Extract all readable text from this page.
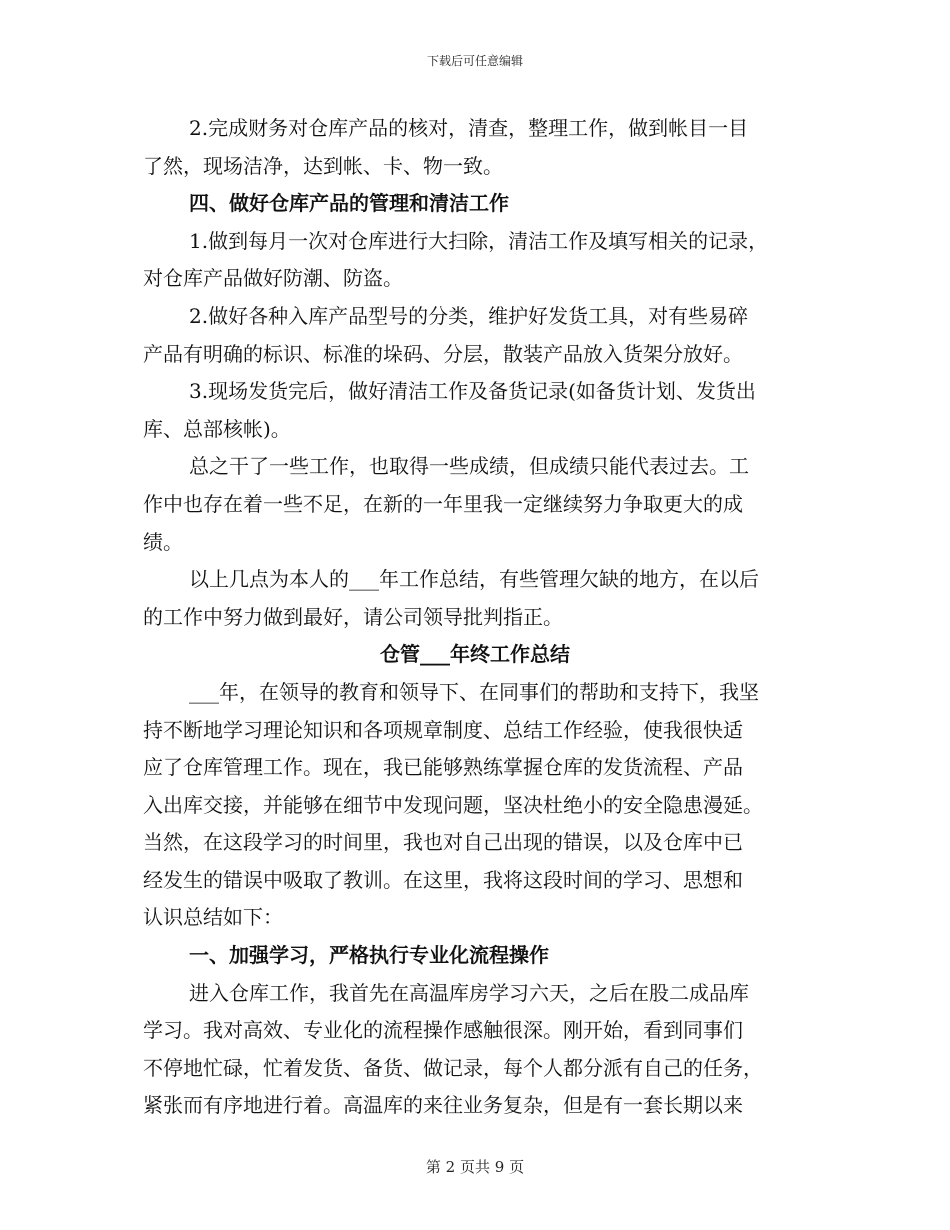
下载后可任意编辑
2.完成财务对仓库产品的核对，清查，整理工作，做到帐目一目
了然，现场洁净，达到帐、卡、物一致。
四、做好仓库产品的管理和清洁工作
1.做到每月一次对仓库进行大扫除，清洁工作及填写相关的记录，
对仓库产品做好防潮、防盗。
2.做好各种入库产品型号的分类，维护好发货工具，对有些易碎
产品有明确的标识、标准的垛码、分层，散装产品放入货架分放好。
3.现场发货完后，做好清洁工作及备货记录(如备货计划、发货出
库、总部核帐)。
总之干了一些工作，也取得一些成绩，但成绩只能代表过去。工
作中也存在着一些不足，在新的一年里我一定继续努力争取更大的成
绩。
以上几点为本人的___年工作总结，有些管理欠缺的地方，在以后
的工作中努力做到最好，请公司领导批判指正。
仓管___年终工作总结
___年，在领导的教育和领导下、在同事们的帮助和支持下，我坚
持不断地学习理论知识和各项规章制度、总结工作经验，使我很快适
应了仓库管理工作。现在，我已能够熟练掌握仓库的发货流程、产品
入出库交接，并能够在细节中发现问题，坚决杜绝小的安全隐患漫延。
当然，在这段学习的时间里，我也对自己出现的错误，以及仓库中已
经发生的错误中吸取了教训。在这里，我将这段时间的学习、思想和
认识总结如下：
一、加强学习，严格执行专业化流程操作
进入仓库工作，我首先在高温库房学习六天，之后在股二成品库
学习。我对高效、专业化的流程操作感触很深。刚开始，看到同事们
不停地忙碌，忙着发货、备货、做记录，每个人都分派有自己的任务，
紧张而有序地进行着。高温库的来往业务复杂，但是有一套长期以来
第 2 页共 9 页
